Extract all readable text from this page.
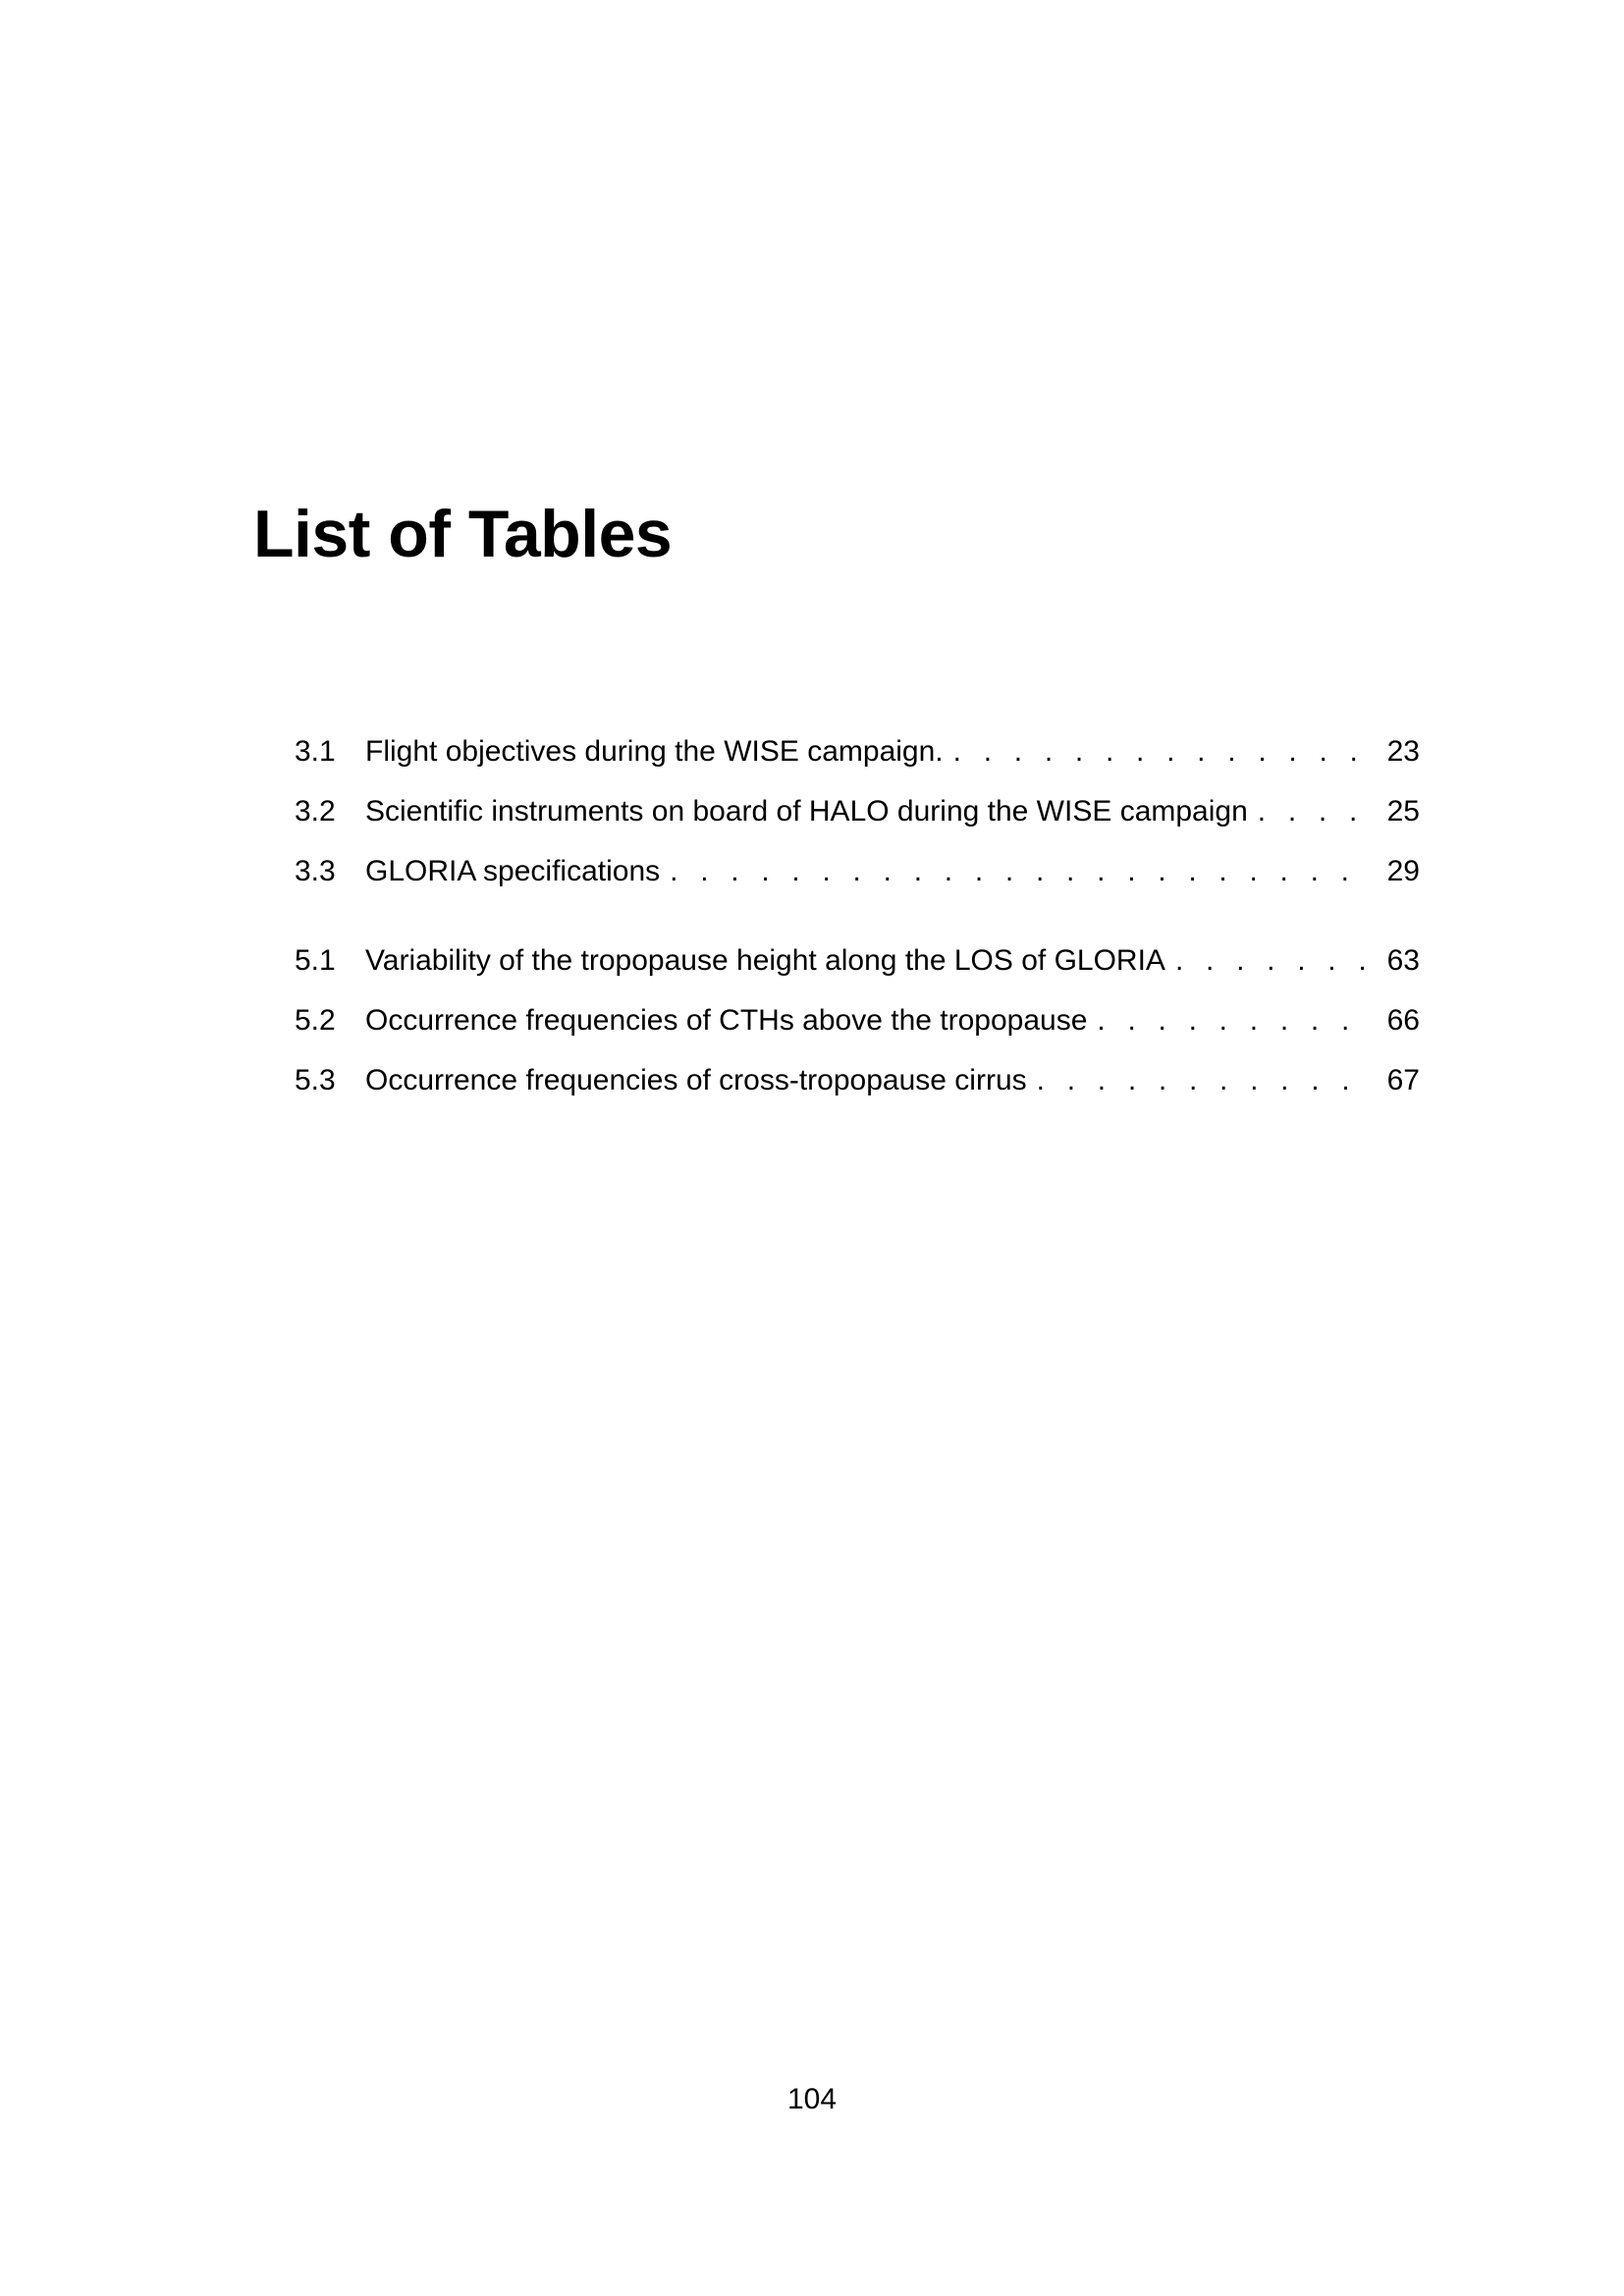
List of Tables
3.1	Flight objectives during the WISE campaign. . . .	23
3.2	Scientific instruments on board of HALO during the WISE campaign . . .	25
3.3	GLORIA specifications . . .	29
5.1	Variability of the tropopause height along the LOS of GLORIA . . .	63
5.2	Occurrence frequencies of CTHs above the tropopause . . .	66
5.3	Occurrence frequencies of cross-tropopause cirrus . . .	67
104
